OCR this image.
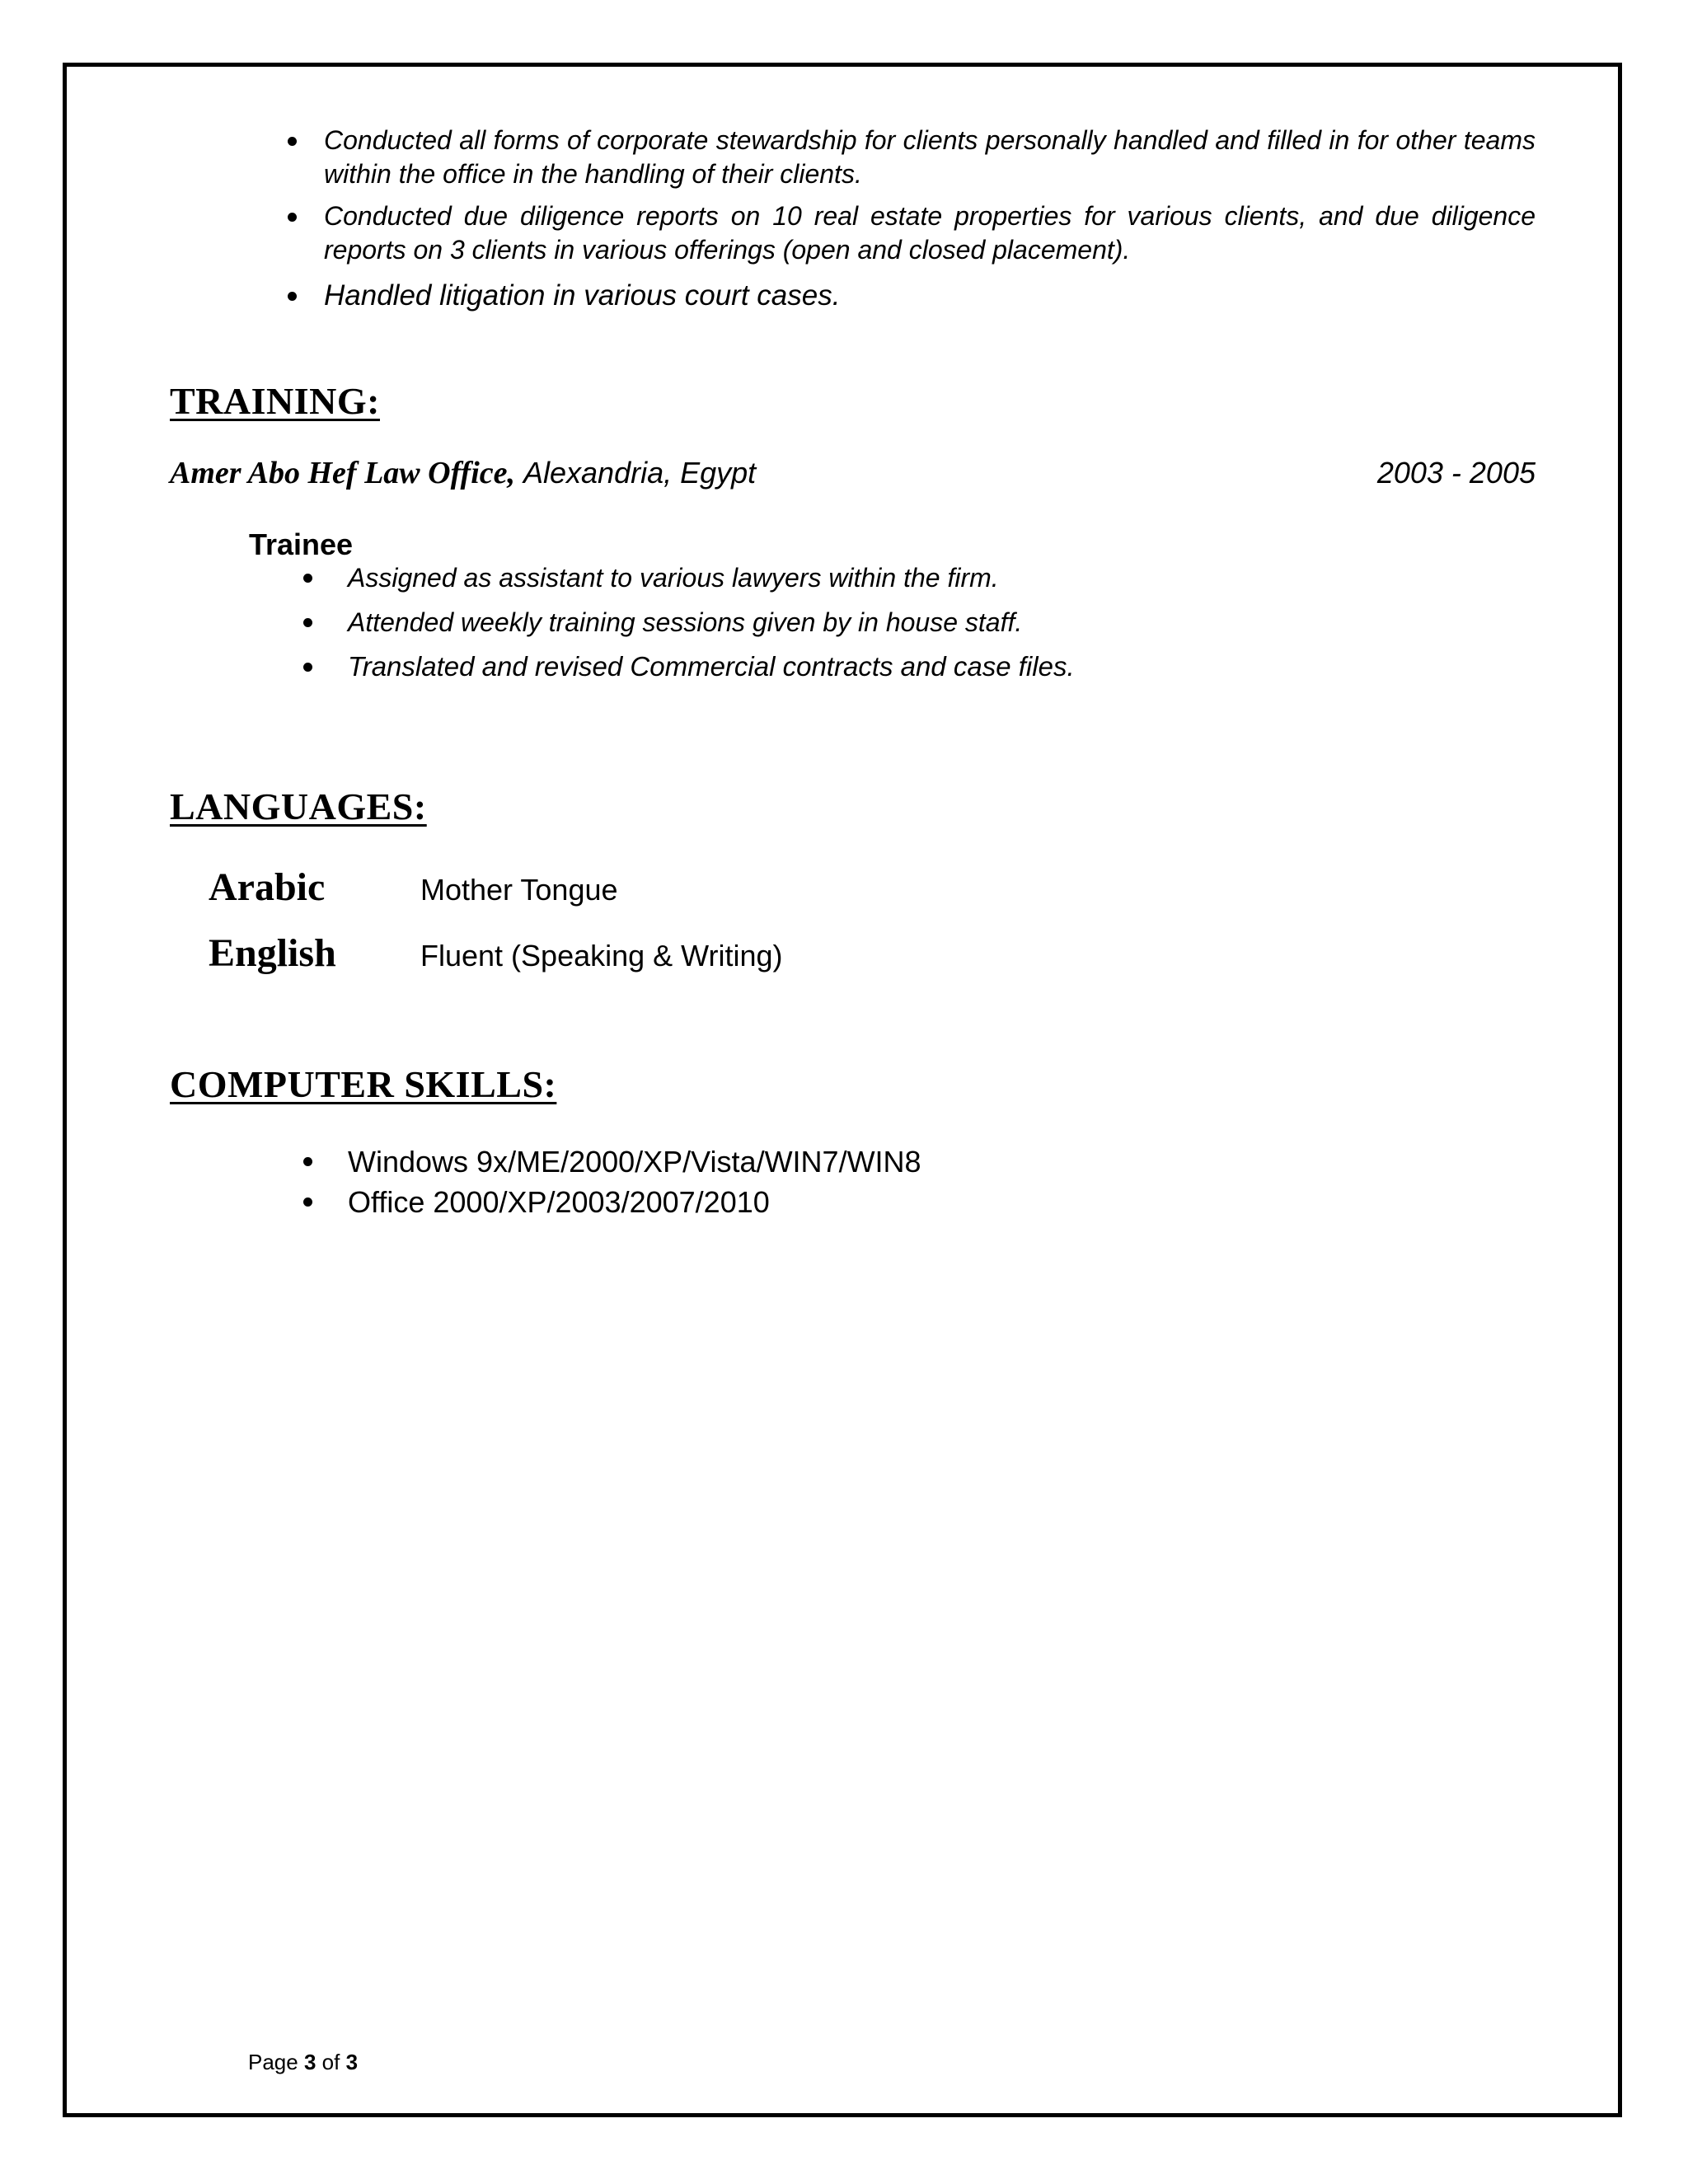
Conducted all forms of corporate stewardship for clients personally handled and filled in for other teams within the office in the handling of their clients.
Conducted due diligence reports on 10 real estate properties for various clients, and due diligence reports on 3 clients in various offerings (open and closed placement).
Handled litigation in various court cases.
TRAINING:
Amer Abo Hef Law Office, Alexandria, Egypt	2003 - 2005
Trainee
Assigned as assistant to various lawyers within the firm.
Attended weekly training sessions given by in house staff.
Translated and revised Commercial contracts and case files.
LANGUAGES:
Arabic	Mother Tongue
English	Fluent (Speaking & Writing)
COMPUTER SKILLS:
Windows 9x/ME/2000/XP/Vista/WIN7/WIN8
Office 2000/XP/2003/2007/2010
Page 3 of 3
